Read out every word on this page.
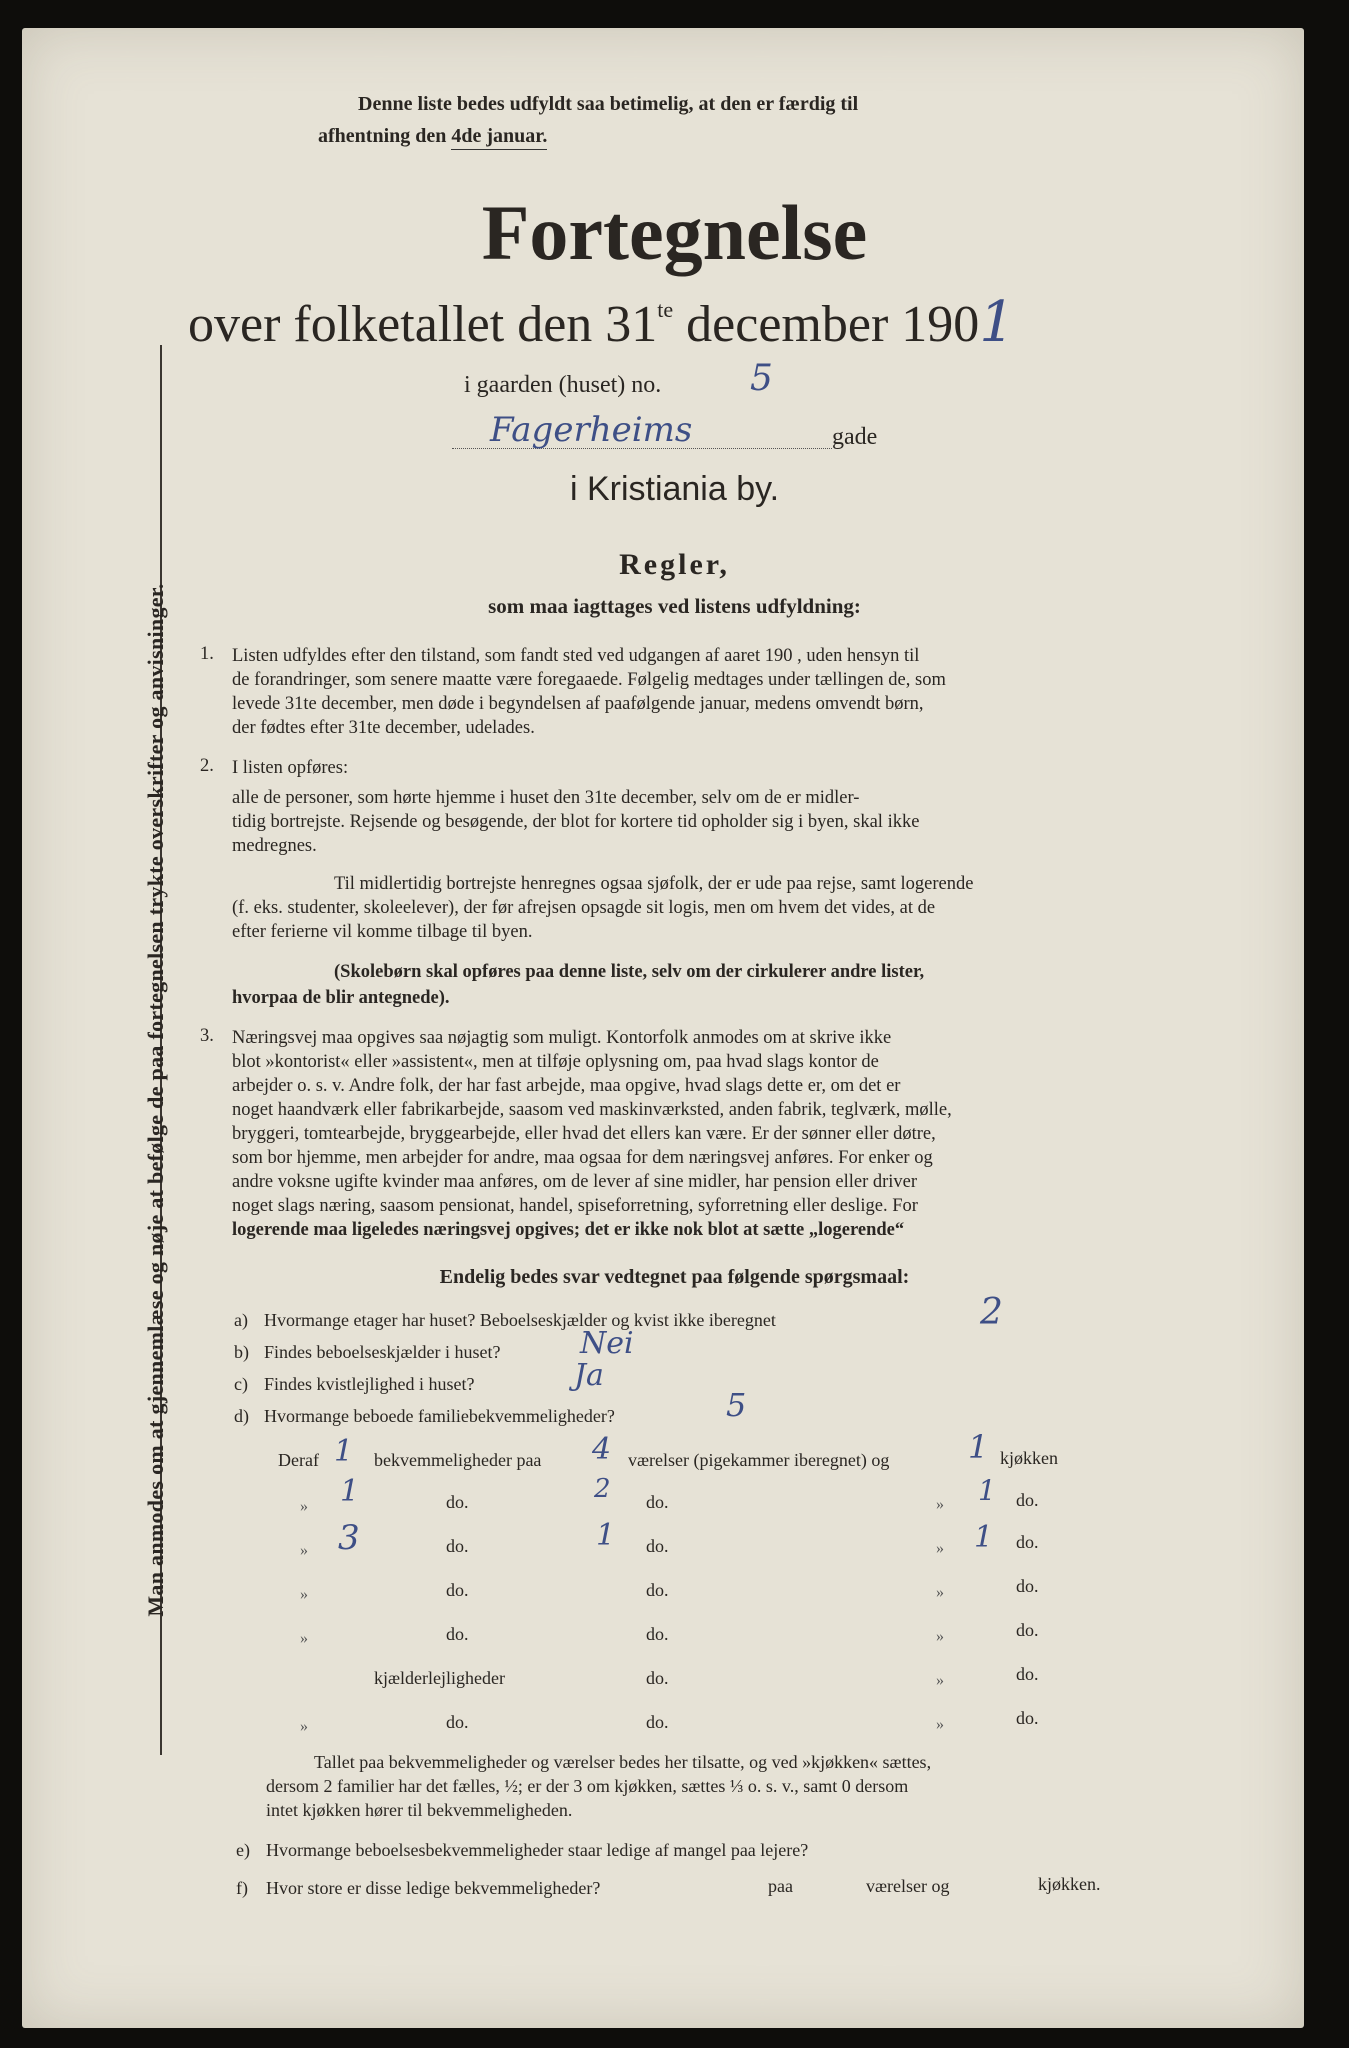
Man anmodes om at gjennemlæse og nøje at befølge de paa fortegnelsen trykte overskrifter og anvisninger.
Denne liste bedes udfyldt saa betimelig, at den er færdig til
afhentning den 4de januar.
Fortegnelse
over folketallet den $31^{te}$ december 1901
i gaarden (huset) no. 5
Fagerheims	gade
i Kristiania by.
Regler,
som maa iagttages ved listens udfyldning:
1. Listen udfyldes efter den tilstand, som fandt sted ved udgangen af aaret 190 , uden hensyn til
de forandringer, som senere maatte være foregaaede. Følgelig medtages under tællingen de, som
levede 31te december, men døde i begyndelsen af paafølgende januar, medens omvendt børn,
der fødtes efter 31te december, udelades.
2. I listen opføres:
alle de personer, som hørte hjemme i huset den 31te december, selv om de er midler-
tidig bortrejste. Rejsende og besøgende, der blot for kortere tid opholder sig i byen, skal ikke
medregnes.
Til midlertidig bortrejste henregnes ogsaa sjøfolk, der er ude paa rejse, samt logerende
(f. eks. studenter, skoleelever), der før afrejsen opsagde sit logis, men om hvem det vides, at de
efter ferierne vil komme tilbage til byen.
(Skolebørn skal opføres paa denne liste, selv om der cirkulerer andre lister,
hvorpaa de blir antegnede).
3. Næringsvej maa opgives saa nøjagtig som muligt. Kontorfolk anmodes om at skrive ikke
blot »kontorist« eller »assistent«, men at tilføje oplysning om, paa hvad slags kontor de
arbejder o. s. v. Andre folk, der har fast arbejde, maa opgive, hvad slags dette er, om det er
noget haandværk eller fabrikarbejde, saasom ved maskinværksted, anden fabrik, teglværk, mølle,
bryggeri, tomtearbejde, bryggearbejde, eller hvad det ellers kan være. Er der sønner eller døtre,
som bor hjemme, men arbejder for andre, maa ogsaa for dem næringsvej anføres. For enker og
andre voksne ugifte kvinder maa anføres, om de lever af sine midler, har pension eller driver
noget slags næring, saasom pensionat, handel, spiseforretning, syforretning eller deslige. For
logerende maa ligeledes næringsvej opgives; det er ikke nok blot at sætte „logerende“
Endelig bedes svar vedtegnet paa følgende spørgsmaal:
a) Hvormange etager har huset? Beboelseskjælder og kvist ikke iberegnet	2
b) Findes beboelseskjælder i huset?	Nei
c) Findes kvistlejlighed i huset?	Ja
d) Hvormange beboede familiebekvemmeligheder?	5
Deraf 1 bekvemmeligheder paa 4 værelser (pigekammer iberegnet) og 1 kjøkken
» 1	do.	2 do.	» 1 do.
» 3	do.	1 do.	» 1 do.
»	do.	do.	»	do.
»	do.	do.	»	do.
kjælderlejligheder	do.	»	do.
»	do.	do.	»	do.
Tallet paa bekvemmeligheder og værelser bedes her tilsatte, og ved »kjøkken« sættes,
dersom 2 familier har det fælles, ½; er der 3 om kjøkken, sættes ⅓ o. s. v., samt 0 dersom
intet kjøkken hører til bekvemmeligheden.
e) Hvormange beboelsesbekvemmeligheder staar ledige af mangel paa lejere?
f) Hvor store er disse ledige bekvemmeligheder?	paa	værelser og	kjøkken.
